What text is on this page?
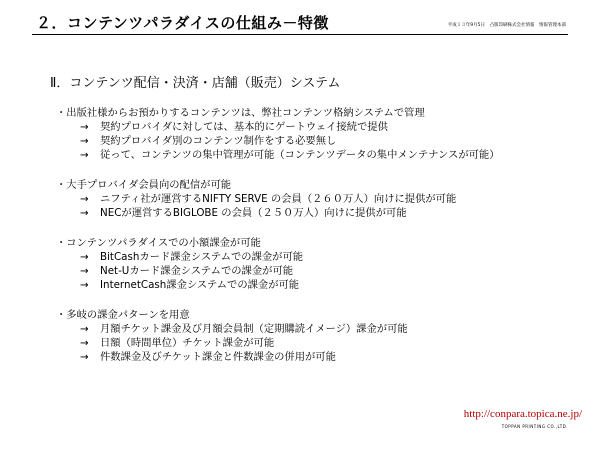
２．コンテンツパラダイスの仕組み－特徴	平成１３年9月5日　凸版印刷株式会社情報　情報管理本部
Ⅱ．コンテンツ配信・決済・店舗（販売）システム
・出版社様からお預かりするコンテンツは、弊社コンテンツ格納システムで管理
→ 契約プロバイダに対しては、基本的にゲートウェイ接続で提供
→ 契約プロバイダ別のコンテンツ制作をする必要無し
→ 従って、コンテンツの集中管理が可能（コンテンツデータの集中メンテナンスが可能）
・大手プロバイダ会員向の配信が可能
→ ニフティ社が運営するNIFTY SERVE の会員（２６０万人）向けに提供が可能
→ NECが運営するBIGLOBE の会員（２５０万人）向けに提供が可能
・コンテンツパラダイスでの小額課金が可能
→ BitCashカード課金システムでの課金が可能
→ Net-Uカード課金システムでの課金が可能
→ InternetCash課金システムでの課金が可能
・多岐の課金パターンを用意
→ 月額チケット課金及び月額会員制（定期購読イメージ）課金が可能
→ 日額（時間単位）チケット課金が可能
→ 件数課金及びチケット課金と件数課金の併用が可能
http://conpara.topica.ne.jp/
TOPPAN PRINTING CO.,LTD.
